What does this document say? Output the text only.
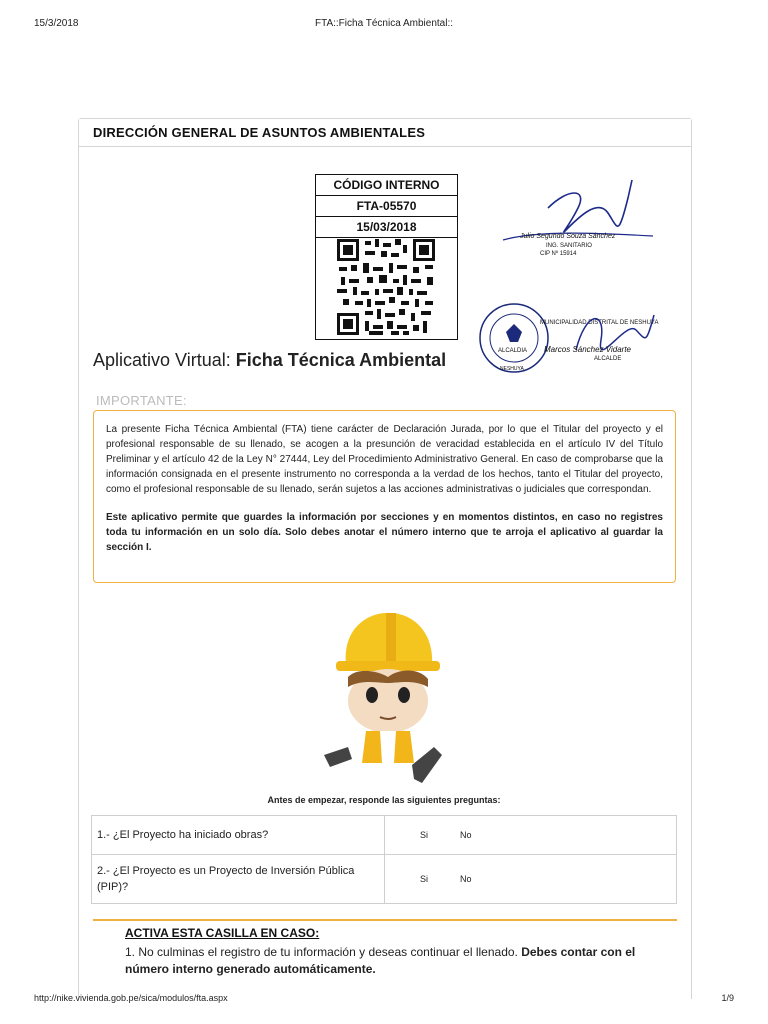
15/3/2018	FTA::Ficha Técnica Ambiental::
DIRECCIÓN GENERAL DE ASUNTOS AMBIENTALES
CÓDIGO INTERNO
FTA-05570
15/03/2018
Julio Segundo Souza Sánchez
ING. SANITARIO
CIP Nº 15914
ALCALDIA
NESHUYA
MUNICIPALIDAD DISTRITAL DE NESHUYA
Marcos Sánchez Vidarte
ALCALDE
Aplicativo Virtual: Ficha Técnica Ambiental
IMPORTANTE:

La presente Ficha Técnica Ambiental (FTA) tiene carácter de Declaración Jurada, por lo que el Titular del proyecto y el profesional responsable de su llenado, se acogen a la presunción de veracidad establecida en el artículo IV del Título Preliminar y el artículo 42 de la Ley N° 27444, Ley del Procedimiento Administrativo General. En caso de comprobarse que la información consignada en el presente instrumento no corresponda a la verdad de los hechos, tanto el Titular del proyecto, como el profesional responsable de su llenado, serán sujetos a las acciones administrativas o judiciales que correspondan.

Este aplicativo permite que guardes la información por secciones y en momentos distintos, en caso no registres toda tu información en un solo día. Solo debes anotar el número interno que te arroja el aplicativo al guardar la sección I.

Antes de empezar, responde las siguientes preguntas:
1.- ¿El Proyecto ha iniciado obras?	Si No
2.- ¿El Proyecto es un Proyecto de Inversión Pública (PIP)?	Si No
ACTIVA ESTA CASILLA EN CASO:
1. No culminas el registro de tu información y deseas continuar el llenado. Debes contar con el número interno generado automáticamente.
http://nike.vivienda.gob.pe/sica/modulos/fta.aspx	1/9
